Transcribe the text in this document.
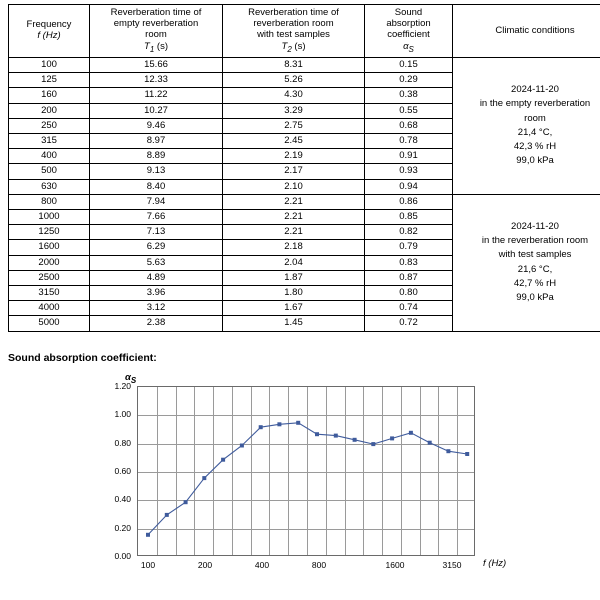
Frequency
f (Hz)

Reverberation time of
empty reverberation
room
$T_1$ (s)

Reverberation time of
reverberation room
with test samples
$T_2$ (s)

Sound
absorption
coefficient
$\alpha_S$
	Climatic conditions
100	15.66	8.31	0.15	
2024-11-20
in the empty reverberation
room
21,4 °C,
42,3 % rH
99,0 kPa

125	12.33	5.26	0.29	
160	11.22	4.30	0.38	
200	10.27	3.29	0.55	
250	9.46	2.75	0.68	
315	8.97	2.45	0.78	
400	8.89	2.19	0.91	
500	9.13	2.17	0.93	
630	8.40	2.10	0.94	
800	7.94	2.21	0.86	
2024-11-20
in the reverberation room
with test samples
21,6 °C,
42,7 % rH
99,0 kPa

1000	7.66	2.21	0.85	
1250	7.13	2.21	0.82	
1600	6.29	2.18	0.79	
2000	5.63	2.04	0.83	
2500	4.89	1.87	0.87	
3150	3.96	1.80	0.80	
4000	3.12	1.67	0.74	
5000	2.38	1.45	0.72	
Sound absorption coefficient:
$\alpha_S$
f (Hz)
1.20
1.00
0.80
0.60
0.40
0.20
0.00
100	200	400	800	1600	3150
